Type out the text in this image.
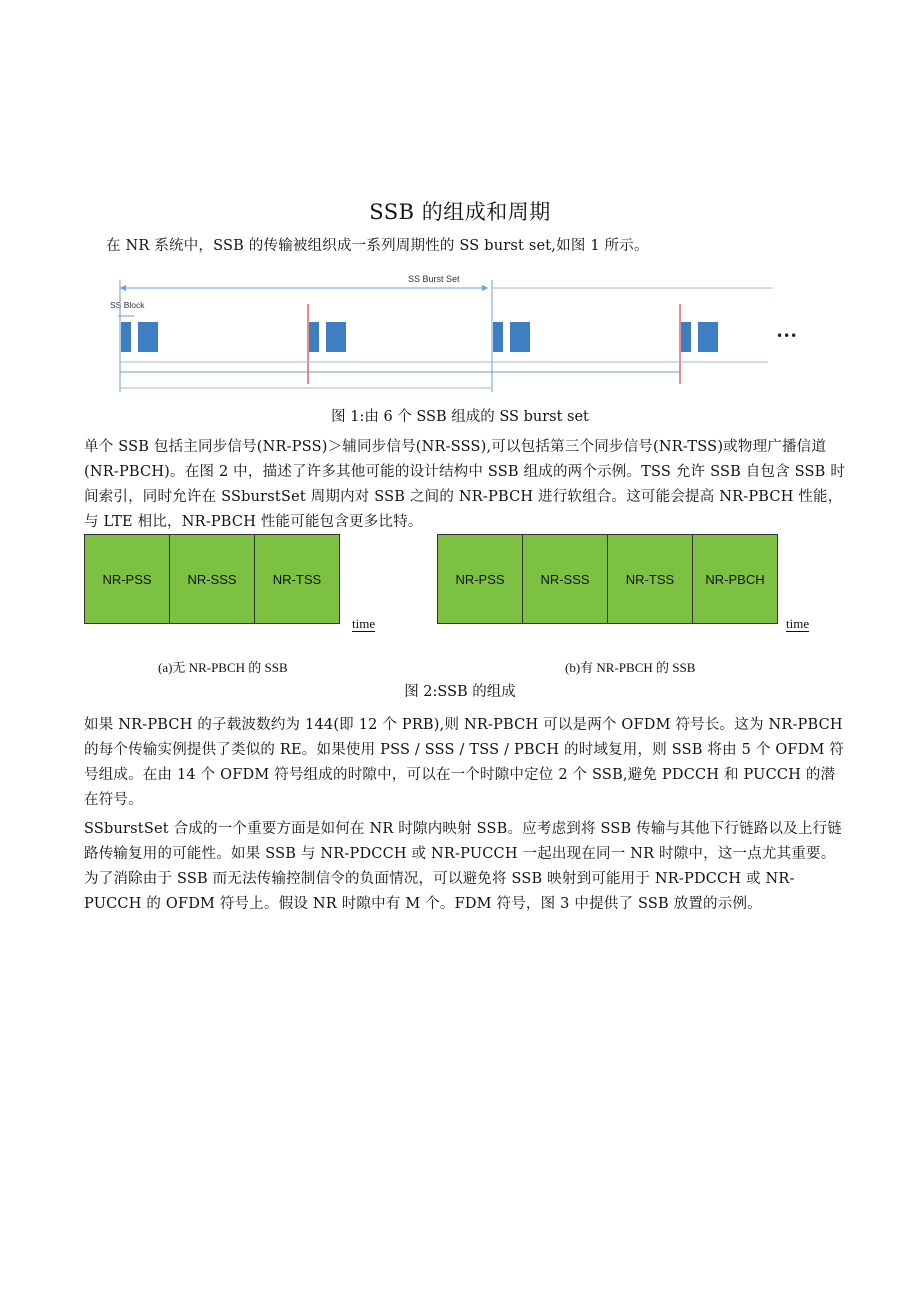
SSB 的组成和周期
在 NR 系统中，SSB 的传输被组织成一系列周期性的 SS burst set,如图 1 所示。
SS Burst Set
SS Block
•••
图 1:由 6 个 SSB 组成的 SS burst set
单个 SSB 包括主同步信号(NR-PSS)＞辅同步信号(NR-SSS),可以包括第三个同步信号(NR-TSS)或物理广播信道(NR-PBCH)。在图 2 中，描述了许多其他可能的设计结构中 SSB 组成的两个示例。TSS 允许 SSB 自包含 SSB 时间索引，同时允许在 SSburstSet 周期内对 SSB 之间的 NR-PBCH 进行软组合。这可能会提高 NR-PBCH 性能，与 LTE 相比，NR-PBCH 性能可能包含更多比特。
NR-PSS	NR-SSS	NR-TSS
time
NR-PSS	NR-SSS	NR-TSS	NR-PBCH
time
(a)无 NR-PBCH 的 SSB	(b)有 NR-PBCH 的 SSB
图 2:SSB 的组成
如果 NR-PBCH 的子载波数约为 144(即 12 个 PRB),则 NR-PBCH 可以是两个 OFDM 符号长。这为 NR-PBCH 的每个传输实例提供了类似的 RE。如果使用 PSS / SSS / TSS / PBCH 的时域复用，则 SSB 将由 5 个 OFDM 符号组成。在由 14 个 OFDM 符号组成的时隙中，可以在一个时隙中定位 2 个 SSB,避免 PDCCH 和 PUCCH 的潜在符号。
SSburstSet 合成的一个重要方面是如何在 NR 时隙内映射 SSB。应考虑到将 SSB 传输与其他下行链路以及上行链路传输复用的可能性。如果 SSB 与 NR-PDCCH 或 NR-PUCCH 一起出现在同一 NR 时隙中，这一点尤其重要。为了消除由于 SSB 而无法传输控制信令的负面情况，可以避免将 SSB 映射到可能用于 NR-PDCCH 或 NR-PUCCH 的 OFDM 符号上。假设 NR 时隙中有 M 个。FDM 符号，图 3 中提供了 SSB 放置的示例。
